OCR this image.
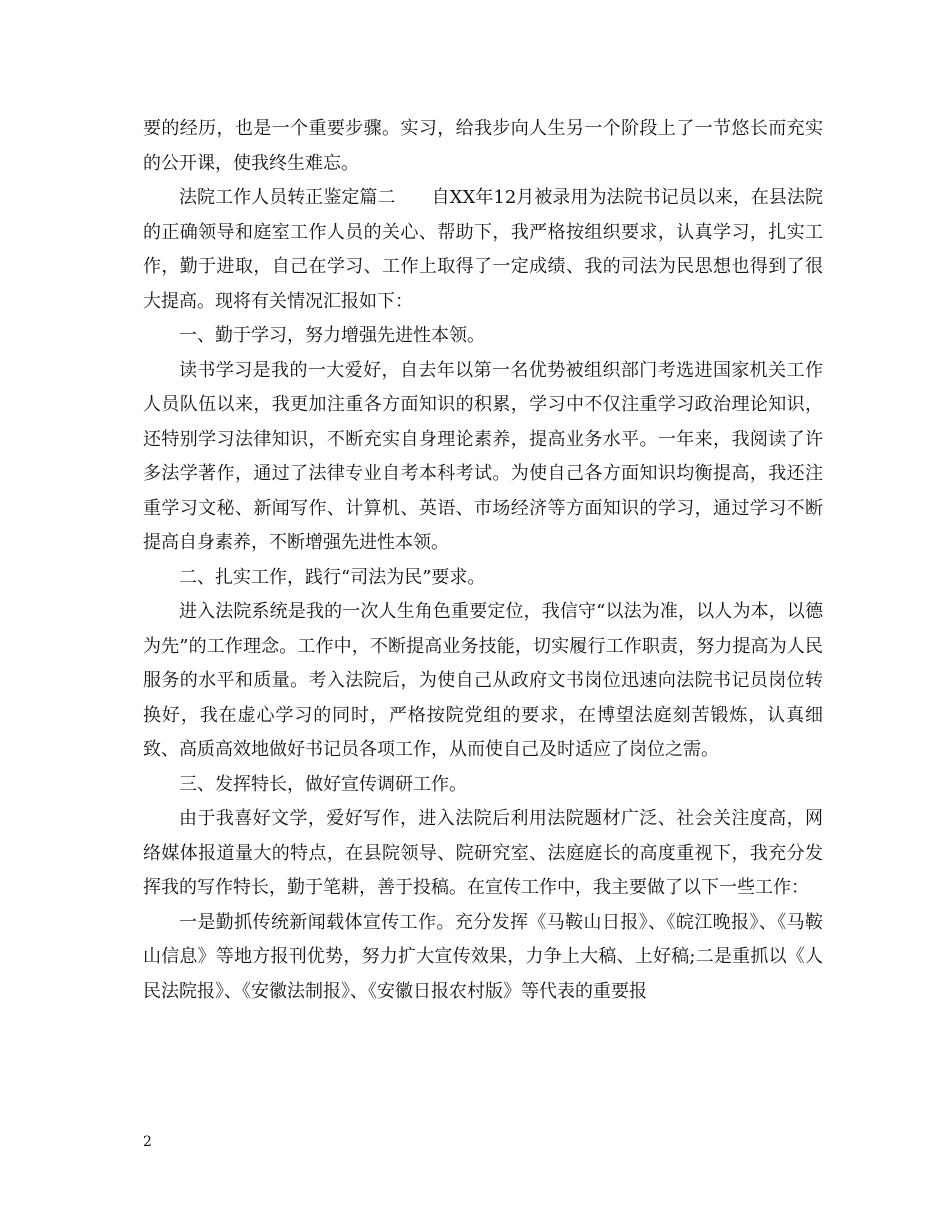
要的经历，也是一个重要步骤。实习，给我步向人生另一个阶段上了一节悠长而充实的公开课，使我终生难忘。

法院工作人员转正鉴定篇二　　自XX年12月被录用为法院书记员以来，在县法院的正确领导和庭室工作人员的关心、帮助下，我严格按组织要求，认真学习，扎实工作，勤于进取，自己在学习、工作上取得了一定成绩、我的司法为民思想也得到了很大提高。现将有关情况汇报如下：

一、勤于学习，努力增强先进性本领。

读书学习是我的一大爱好，自去年以第一名优势被组织部门考选进国家机关工作人员队伍以来，我更加注重各方面知识的积累，学习中不仅注重学习政治理论知识，还特别学习法律知识，不断充实自身理论素养，提高业务水平。一年来，我阅读了许多法学著作，通过了法律专业自考本科考试。为使自己各方面知识均衡提高，我还注重学习文秘、新闻写作、计算机、英语、市场经济等方面知识的学习，通过学习不断提高自身素养，不断增强先进性本领。

二、扎实工作，践行“司法为民”要求。

进入法院系统是我的一次人生角色重要定位，我信守“以法为准，以人为本，以德为先”的工作理念。工作中，不断提高业务技能，切实履行工作职责，努力提高为人民服务的水平和质量。考入法院后，为使自己从政府文书岗位迅速向法院书记员岗位转换好，我在虚心学习的同时，严格按院党组的要求，在博望法庭刻苦锻炼，认真细致、高质高效地做好书记员各项工作，从而使自己及时适应了岗位之需。

三、发挥特长，做好宣传调研工作。

由于我喜好文学，爱好写作，进入法院后利用法院题材广泛、社会关注度高，网络媒体报道量大的特点，在县院领导、院研究室、法庭庭长的高度重视下，我充分发挥我的写作特长，勤于笔耕，善于投稿。在宣传工作中，我主要做了以下一些工作：

一是勤抓传统新闻载体宣传工作。充分发挥《马鞍山日报》、《皖江晚报》、《马鞍山信息》等地方报刊优势，努力扩大宣传效果，力争上大稿、上好稿;二是重抓以《人民法院报》、《安徽法制报》、《安徽日报农村版》等代表的重要报

2
